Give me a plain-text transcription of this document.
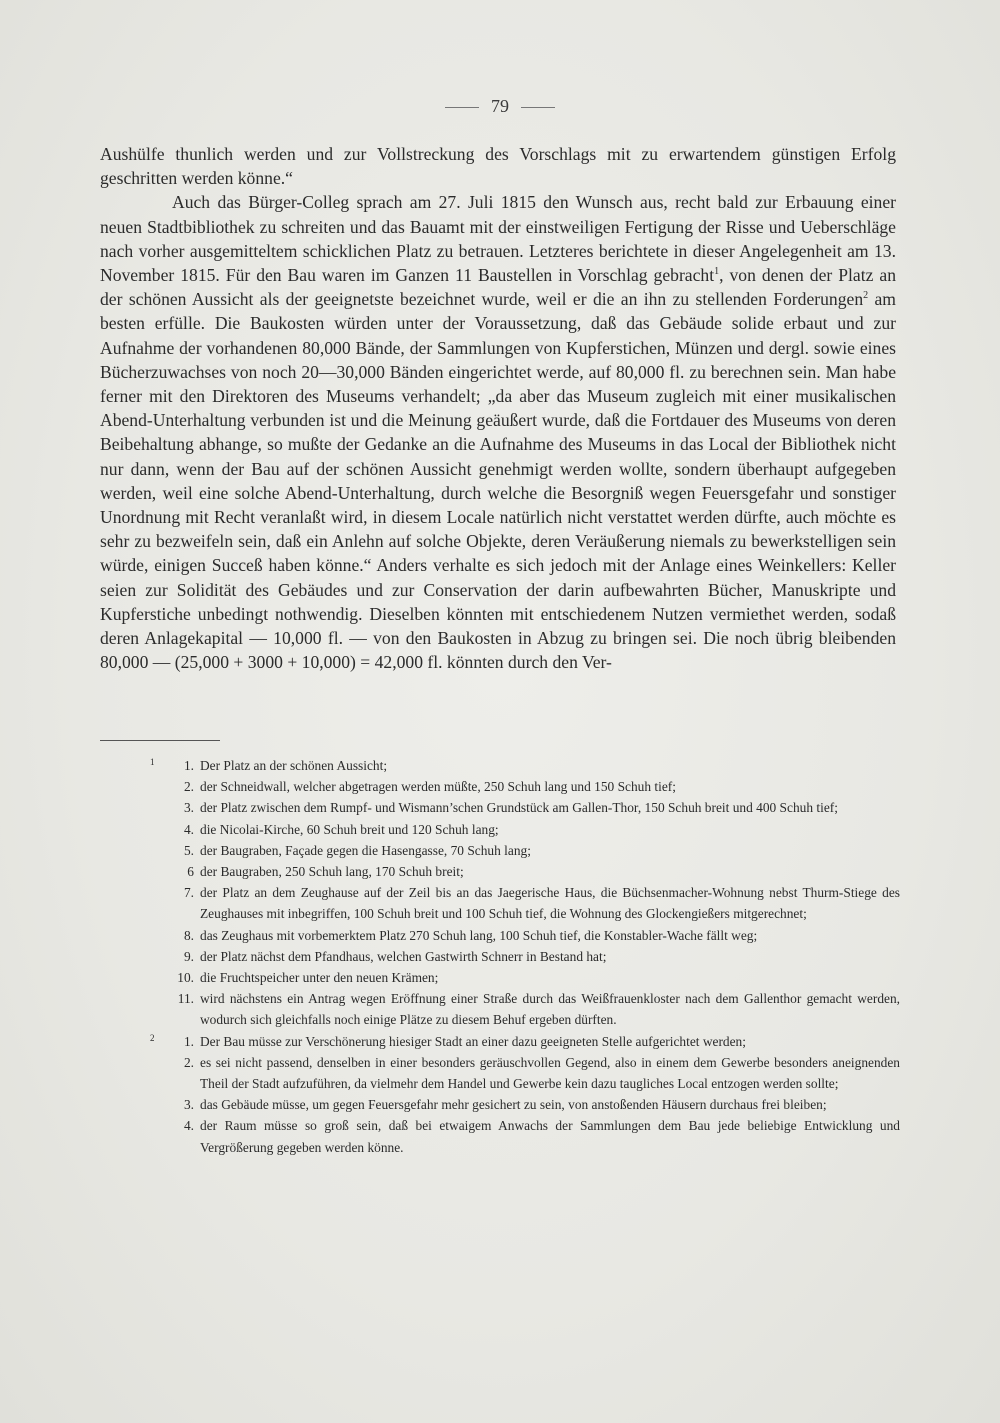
79

Aushülfe thunlich werden und zur Vollstreckung des Vorschlags mit zu erwartendem günstigen Erfolg geschritten werden könne.“

Auch das Bürger-Colleg sprach am 27. Juli 1815 den Wunsch aus, recht bald zur Erbauung einer neuen Stadtbibliothek zu schreiten und das Bauamt mit der einstweiligen Fertigung der Risse und Ueberschläge nach vorher ausgemitteltem schicklichen Platz zu betrauen. Letzteres berichtete in dieser Angelegenheit am 13. November 1815. Für den Bau waren im Ganzen 11 Baustellen in Vorschlag gebracht$^1$, von denen der Platz an der schönen Aussicht als der geeignetste bezeichnet wurde, weil er die an ihn zu stellenden Forderungen$^2$ am besten erfülle. Die Baukosten würden unter der Voraussetzung, daß das Gebäude solide erbaut und zur Aufnahme der vorhandenen 80,000 Bände, der Sammlungen von Kupferstichen, Münzen und dergl. sowie eines Bücherzuwachses von noch 20—30,000 Bänden eingerichtet werde, auf 80,000 fl. zu berechnen sein. Man habe ferner mit den Direktoren des Museums verhandelt; „da aber das Museum zugleich mit einer musikalischen Abend-Unterhaltung verbunden ist und die Meinung geäußert wurde, daß die Fortdauer des Museums von deren Beibehaltung abhange, so mußte der Gedanke an die Aufnahme des Museums in das Local der Bibliothek nicht nur dann, wenn der Bau auf der schönen Aussicht genehmigt werden wollte, sondern überhaupt aufgegeben werden, weil eine solche Abend-Unterhaltung, durch welche die Besorgniß wegen Feuersgefahr und sonstiger Unordnung mit Recht veranlaßt wird, in diesem Locale natürlich nicht verstattet werden dürfte, auch möchte es sehr zu bezweifeln sein, daß ein Anlehn auf solche Objekte, deren Veräußerung niemals zu bewerkstelligen sein würde, einigen Succeß haben könne.“ Anders verhalte es sich jedoch mit der Anlage eines Weinkellers: Keller seien zur Solidität des Gebäudes und zur Conservation der darin aufbewahrten Bücher, Manuskripte und Kupferstiche unbedingt nothwendig. Dieselben könnten mit entschiedenem Nutzen vermiethet werden, sodaß deren Anlagekapital — 10,000 fl. — von den Baukosten in Abzug zu bringen sei. Die noch übrig bleibenden 80,000 — (25,000 + 3000 + 10,000) = 42,000 fl. könnten durch den Ver-

1	1. Der Platz an der schönen Aussicht;
2. der Schneidwall, welcher abgetragen werden müßte, 250 Schuh lang und 150 Schuh tief;
3. der Platz zwischen dem Rumpf- und Wismann’schen Grundstück am Gallen-Thor, 150 Schuh breit und 400 Schuh tief;
4. die Nicolai-Kirche, 60 Schuh breit und 120 Schuh lang;
5. der Baugraben, Façade gegen die Hasengasse, 70 Schuh lang;
6 der Baugraben, 250 Schuh lang, 170 Schuh breit;
7. der Platz an dem Zeughause auf der Zeil bis an das Jaegerische Haus, die Büchsenmacher-Wohnung nebst Thurm-Stiege des Zeughauses mit inbegriffen, 100 Schuh breit und 100 Schuh tief, die Wohnung des Glockengießers mitgerechnet;
8. das Zeughaus mit vorbemerktem Platz 270 Schuh lang, 100 Schuh tief, die Konstabler-Wache fällt weg;
9. der Platz nächst dem Pfandhaus, welchen Gastwirth Schnerr in Bestand hat;
10. die Fruchtspeicher unter den neuen Krämen;
11. wird nächstens ein Antrag wegen Eröffnung einer Straße durch das Weißfrauenkloster nach dem Gallenthor gemacht werden, wodurch sich gleichfalls noch einige Plätze zu diesem Behuf ergeben dürften.
2	1. Der Bau müsse zur Verschönerung hiesiger Stadt an einer dazu geeigneten Stelle aufgerichtet werden;
2. es sei nicht passend, denselben in einer besonders geräuschvollen Gegend, also in einem dem Gewerbe besonders aneignenden Theil der Stadt aufzuführen, da vielmehr dem Handel und Gewerbe kein dazu taugliches Local entzogen werden sollte;
3. das Gebäude müsse, um gegen Feuersgefahr mehr gesichert zu sein, von anstoßenden Häusern durchaus frei bleiben;
4. der Raum müsse so groß sein, daß bei etwaigem Anwachs der Sammlungen dem Bau jede beliebige Entwicklung und Vergrößerung gegeben werden könne.
